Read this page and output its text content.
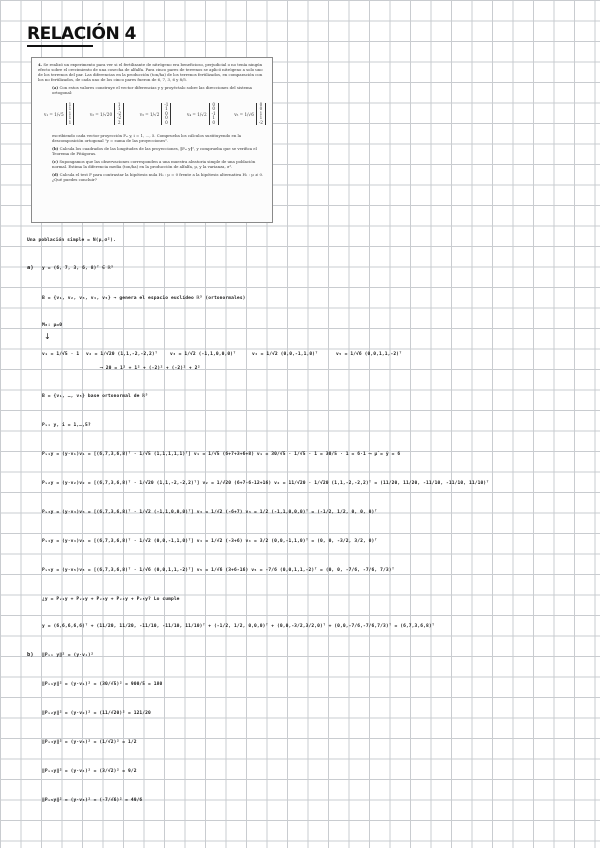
RELACIÓN 4

4. Se realizó un experimento para ver si el fertilizante de nitrógeno era beneficioso, perjudicial o no tenía ningún efecto sobre el crecimiento de una cosecha de alfalfa. Para cinco pares de terrenos se aplicó nitrógeno a solo uno de los terrenos del par. Las diferencias en la producción (ton/ha) de los terrenos fertilizados, en comparación con los no fertilizados, de cada uno de los cinco pares fueron de 6, 7, 3, 6 y 8/5.

(a) Con estos valores construye el vector diferencias y y proyéctalo sobre las direcciones del sistema ortogonal:

v₁ = 1/√5
1
1
1
1
1
v₂ = 1/√20
1
1
-2
-2
2
v₃ = 1/√2
-1
1
0
0
0
v₄ = 1/√2
0
0
-1
1
0
v₅ = 1/√6
0
0
1
1
-2

escribiendo cada vector proyección Pᵥᵢ y, i = 1, …, 5. Comprueba los cálculos sustituyendo en la descomposición ortogonal "y = suma de las proyecciones".

(b) Calcula los cuadrados de las longitudes de las proyecciones, ‖Pᵥᵢ y‖², y comprueba que se verifica el Teorema de Pitágoras.

(c) Supongamos que las observaciones corresponden a una muestra aleatoria simple de una población normal. Estima la diferencia media (ton/ha) en la producción de alfalfa, μ, y la varianza, σ².

(d) Calcula el test F para contrastar la hipótesis nula H₀ : μ = 0 frente a la hipótesis alternativa H₁ : μ ≠ 0. ¿Qué puedes concluir?

Una población simple = N(μ,σ²).
a) y = (6, 7, 3, 6, 8)ᵀ ∈ ℝ⁵
B = {v₁, v₂, v₃, v₄, v₅} → genera el espacio euclídeo ℝ⁵ (ortonormales)
M₀: μ=0
↓
v₁ = 1/√5 · 1 v₂ = 1/√20 (1,1,-2,-2,2)ᵀ	v₃ = 1/√2 (-1,1,0,0,0)ᵀ	v₄ = 1/√2 (0,0,-1,1,0)ᵀ	v₅ = 1/√6 (0,0,1,1,-2)ᵀ
⟶ 20 = 1² + 1² + (-2)² + (-2)² + 2²
B = {v₁, …, v₅} base ortonormal de ℝ⁵
Pᵥᵢ y, i = 1,…,5?
Pᵥ₁y = (y·v₁)v₁ = [(6,7,3,6,8)ᵀ · 1/√5 (1,1,1,1,1)ᵀ] v₁ = 1/√5 (6+7+3+6+8) v₁ = 30/√5 · 1/√5 · 1 = 30/5 · 1 = 6·1 ⟶ μ̂ = ȳ = 6
Pᵥ₂y = (y·v₂)v₂ = [(6,7,3,6,8)ᵀ · 1/√20 (1,1,-2,-2,2)ᵀ] v₂ = 1/√20 (6+7-6-12+16) v₂ = 11/√20 · 1/√20 (1,1,-2,-2,2)ᵀ = (11/20, 11/20, -11/10, -11/10, 11/10)ᵀ
Pᵥ₃y = (y·v₃)v₃ = [(6,7,3,6,8)ᵀ · 1/√2 (-1,1,0,0,0)ᵀ] v₃ = 1/√2 (-6+7) v₃ = 1/2 (-1,1,0,0,0)ᵀ = (-1/2, 1/2, 0, 0, 0)ᵀ
Pᵥ₄y = (y·v₄)v₄ = [(6,7,3,6,8)ᵀ · 1/√2 (0,0,-1,1,0)ᵀ] v₄ = 1/√2 (-3+6) v₄ = 3/2 (0,0,-1,1,0)ᵀ = (0, 0, -3/2, 3/2, 0)ᵀ
Pᵥ₅y = (y·v₅)v₅ = [(6,7,3,6,8)ᵀ · 1/√6 (0,0,1,1,-2)ᵀ] v₅ = 1/√6 (3+6-16) v₅ = -7/6 (0,0,1,1,-2)ᵀ = (0, 0, -7/6, -7/6, 7/3)ᵀ
¿y = Pᵥ₁y + Pᵥ₂y + Pᵥ₃y + Pᵥ₄y + Pᵥ₅y? Lo cumple
y = (6,6,6,6,6)ᵀ + (11/20, 11/20, -11/10, -11/10, 11/10)ᵀ + (-1/2, 1/2, 0,0,0)ᵀ + (0,0,-3/2,3/2,0)ᵀ + (0,0,-7/6,-7/6,7/3)ᵀ = (6,7,3,6,8)ᵀ
b) ‖Pᵥᵢ y‖² = (y·vᵢ)²
‖Pᵥ₁y‖² = (y·v₁)² = (30/√5)² = 900/5 = 180
‖Pᵥ₂y‖² = (y·v₂)² = (11/√20)² = 121/20
‖Pᵥ₃y‖² = (y·v₃)² = (1/√2)² = 1/2
‖Pᵥ₄y‖² = (y·v₄)² = (3/√2)² = 9/2
‖Pᵥ₅y‖² = (y·v₅)² = (-7/√6)² = 49/6
